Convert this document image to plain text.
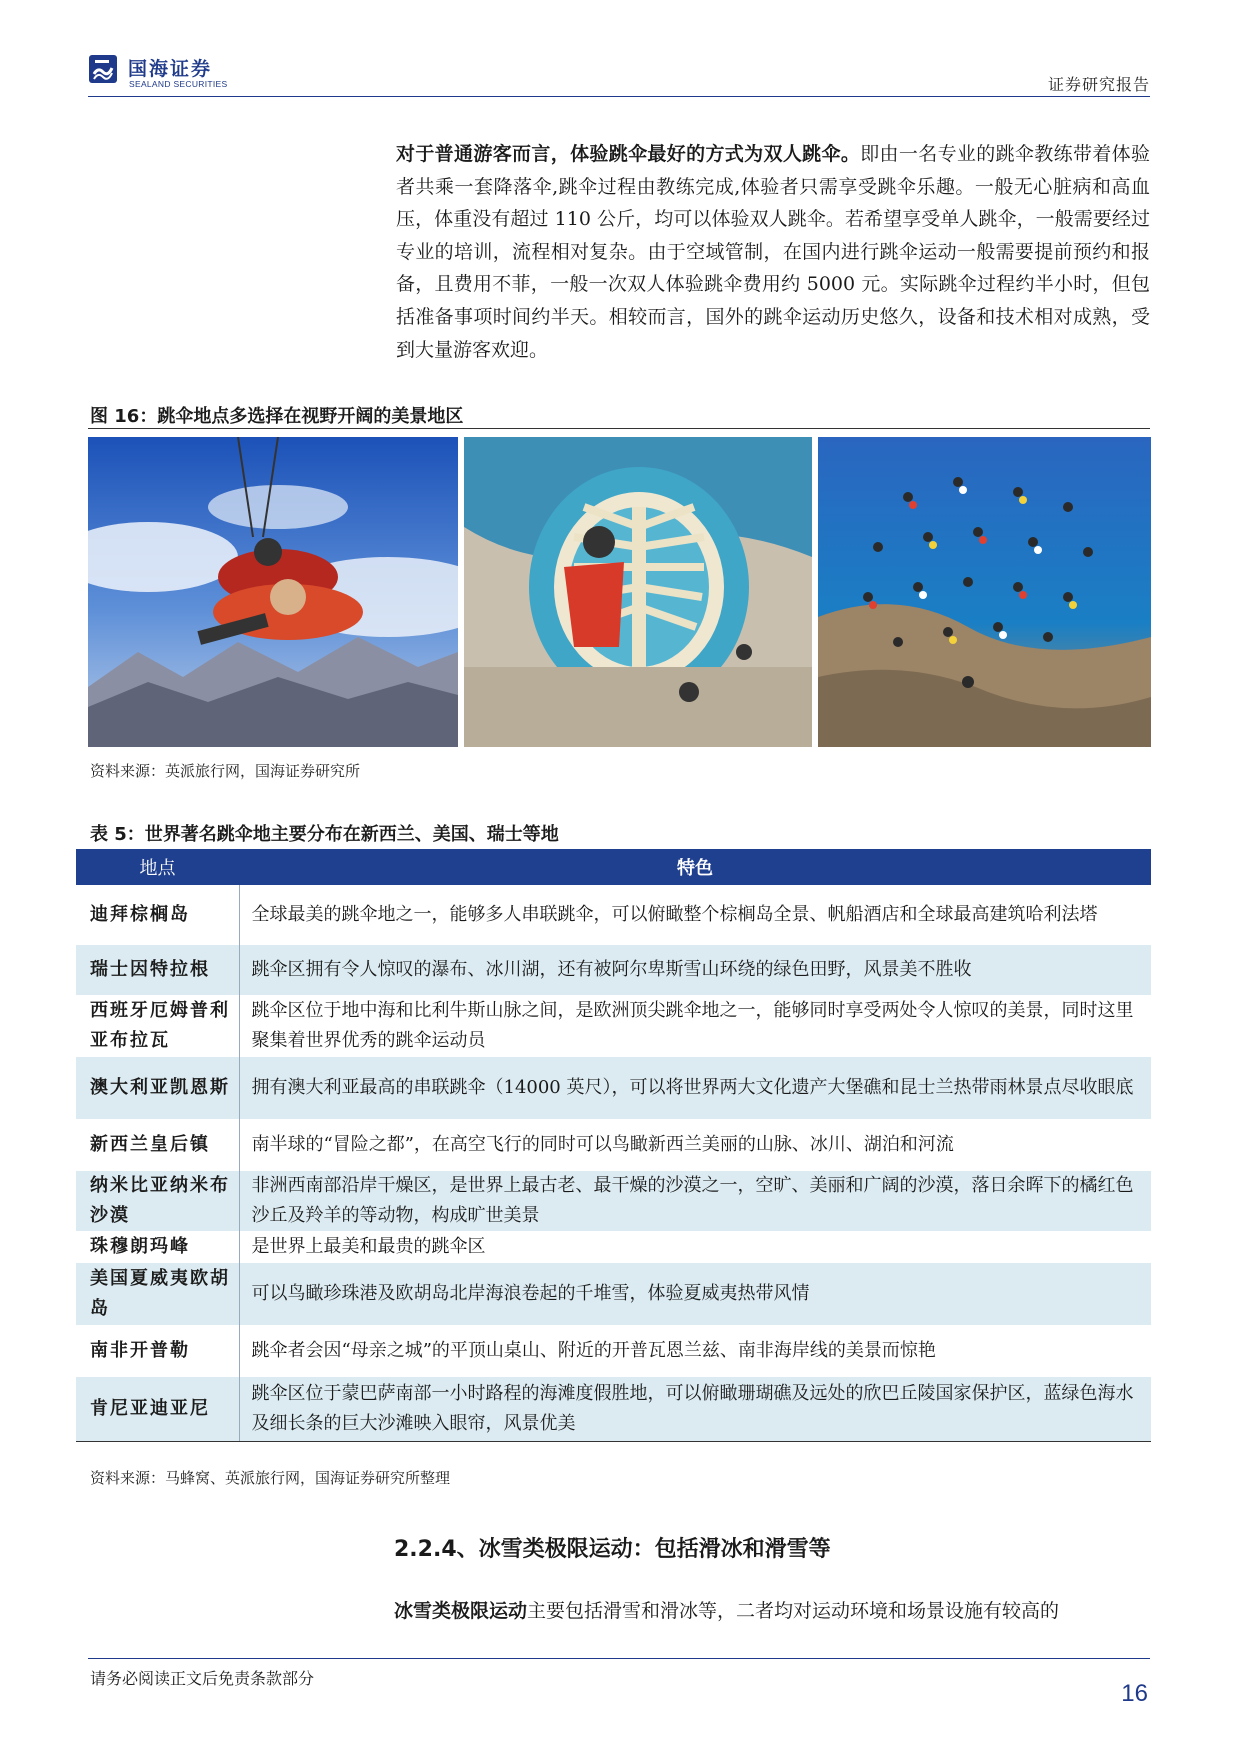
国海证券
SEALAND SECURITIES	证券研究报告
对于普通游客而言，体验跳伞最好的方式为双人跳伞。即由一名专业的跳伞教练带着体验者共乘一套降落伞,跳伞过程由教练完成,体验者只需享受跳伞乐趣。一般无心脏病和高血压，体重没有超过 110 公斤，均可以体验双人跳伞。若希望享受单人跳伞，一般需要经过专业的培训，流程相对复杂。由于空域管制，在国内进行跳伞运动一般需要提前预约和报备，且费用不菲，一般一次双人体验跳伞费用约 5000 元。实际跳伞过程约半小时，但包括准备事项时间约半天。相较而言，国外的跳伞运动历史悠久，设备和技术相对成熟，受到大量游客欢迎。
图 16：跳伞地点多选择在视野开阔的美景地区
资料来源：英派旅行网，国海证券研究所
表 5：世界著名跳伞地主要分布在新西兰、美国、瑞士等地
地点	特色
迪拜棕榈岛	全球最美的跳伞地之一，能够多人串联跳伞，可以俯瞰整个棕榈岛全景、帆船酒店和全球最高建筑哈利法塔
瑞士因特拉根	跳伞区拥有令人惊叹的瀑布、冰川湖，还有被阿尔卑斯雪山环绕的绿色田野，风景美不胜收
西班牙厄姆普利亚布拉瓦	跳伞区位于地中海和比利牛斯山脉之间，是欧洲顶尖跳伞地之一，能够同时享受两处令人惊叹的美景，同时这里聚集着世界优秀的跳伞运动员
澳大利亚凯恩斯	拥有澳大利亚最高的串联跳伞（14000 英尺），可以将世界两大文化遗产大堡礁和昆士兰热带雨林景点尽收眼底
新西兰皇后镇	南半球的“冒险之都”，在高空飞行的同时可以鸟瞰新西兰美丽的山脉、冰川、湖泊和河流
纳米比亚纳米布沙漠	非洲西南部沿岸干燥区，是世界上最古老、最干燥的沙漠之一，空旷、美丽和广阔的沙漠，落日余晖下的橘红色沙丘及羚羊的等动物，构成旷世美景
珠穆朗玛峰	是世界上最美和最贵的跳伞区
美国夏威夷欧胡岛	可以鸟瞰珍珠港及欧胡岛北岸海浪卷起的千堆雪，体验夏威夷热带风情
南非开普勒	跳伞者会因“母亲之城”的平顶山桌山、附近的开普瓦恩兰兹、南非海岸线的美景而惊艳
肯尼亚迪亚尼	跳伞区位于蒙巴萨南部一小时路程的海滩度假胜地，可以俯瞰珊瑚礁及远处的欣巴丘陵国家保护区，蓝绿色海水及细长条的巨大沙滩映入眼帘，风景优美
资料来源：马蜂窝、英派旅行网，国海证券研究所整理
2.2.4、冰雪类极限运动：包括滑冰和滑雪等
冰雪类极限运动主要包括滑雪和滑冰等，二者均对运动环境和场景设施有较高的
请务必阅读正文后免责条款部分
16
